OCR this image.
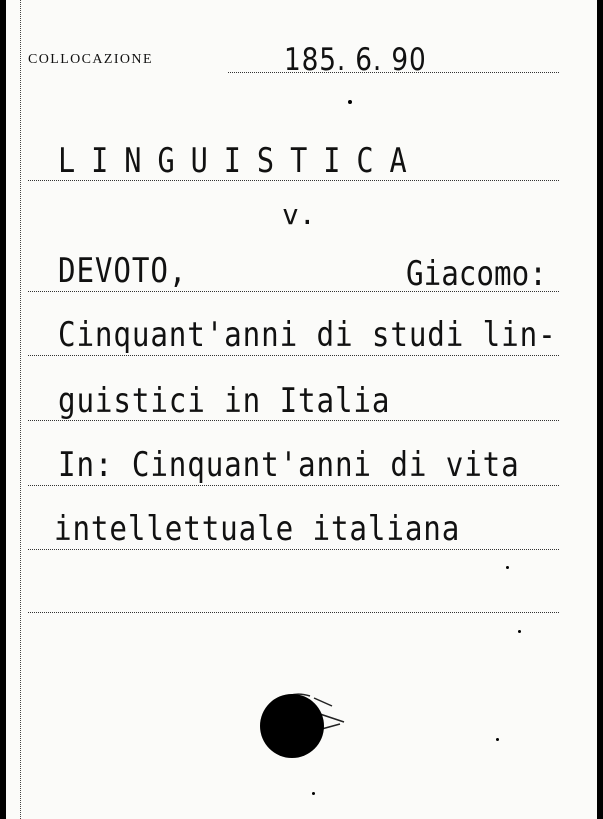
COLLOCAZIONE	185. 6. 90
LINGUISTICA
v.
DEVOTO,	Giacomo:
Cinquant'anni di studi lin-
guistici in Italia
In: Cinquant'anni di vita
intellettuale italiana
